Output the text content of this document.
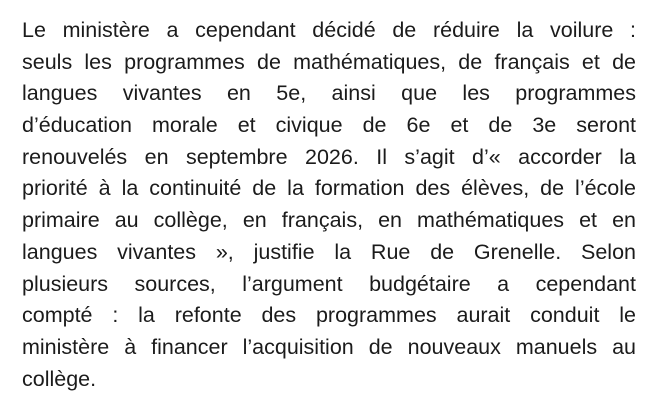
Le ministère a cependant décidé de réduire la voilure :
seuls les programmes de mathématiques, de français et de
langues vivantes en 5e, ainsi que les programmes
d’éducation morale et civique de 6e et de 3e seront
renouvelés en septembre 2026. Il s’agit d’« accorder la
priorité à la continuité de la formation des élèves, de l’école
primaire au collège, en français, en mathématiques et en
langues vivantes », justifie la Rue de Grenelle. Selon
plusieurs sources, l’argument budgétaire a cependant
compté : la refonte des programmes aurait conduit le
ministère à financer l’acquisition de nouveaux manuels au
collège.
